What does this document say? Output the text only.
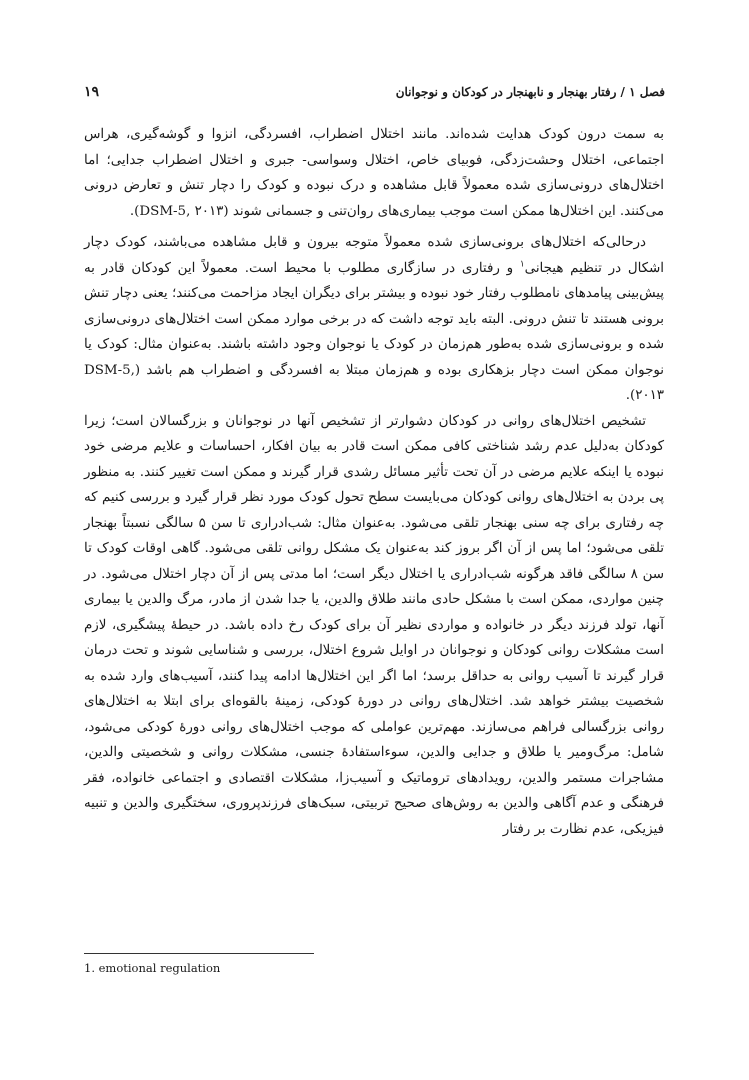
فصل ۱ / رفتار بهنجار و نابهنجار در کودکان و نوجوانان
۱۹

به سمت درون کودک هدایت شده‌اند. مانند اختلال اضطراب، افسردگی، انزوا و گوشه‌گیری، هراس اجتماعی، اختلال وحشت‌زدگی، فوبیای خاص، اختلال وسواسی- جبری و اختلال اضطراب جدایی؛ اما اختلال‌های درونی‌سازی شده معمولاً قابل مشاهده و درک نبوده و کودک را دچار تنش و تعارض درونی می‌کنند. این اختلال‌ها ممکن است موجب بیماری‌های روان‌تنی و جسمانی شوند (DSM-5, ۲۰۱۳).

درحالی‌که اختلال‌های برونی‌سازی شده معمولاً متوجه بیرون و قابل مشاهده می‌باشند، کودک دچار اشکال در تنظیم هیجانی$^۱$ و رفتاری در سازگاری مطلوب با محیط است. معمولاً این کودکان قادر به پیش‌بینی پیامدهای نامطلوب رفتار خود نبوده و بیشتر برای دیگران ایجاد مزاحمت می‌کنند؛ یعنی دچار تنش برونی هستند تا تنش درونی. البته باید توجه داشت که در برخی موارد ممکن است اختلال‌های درونی‌سازی شده و برونی‌سازی شده به‌طور هم‌زمان در کودک یا نوجوان وجود داشته باشند. به‌عنوان مثال: کودک یا نوجوان ممکن است دچار بزهکاری بوده و هم‌زمان مبتلا به افسردگی و اضطراب هم باشد (DSM-5, ۲۰۱۳).

تشخیص اختلال‌های روانی در کودکان دشوارتر از تشخیص آنها در نوجوانان و بزرگسالان است؛ زیرا کودکان به‌دلیل عدم رشد شناختی کافی ممکن است قادر به بیان افکار، احساسات و علایم مرضی خود نبوده یا اینکه علایم مرضی در آن تحت تأثیر مسائل رشدی قرار گیرند و ممکن است تغییر کنند. به منظور پی بردن به اختلال‌های روانی کودکان می‌بایست سطح تحول کودک مورد نظر قرار گیرد و بررسی کنیم که چه رفتاری برای چه سنی بهنجار تلقی می‌شود. به‌عنوان مثال: شب‌ادراری تا سن ۵ سالگی نسبتاً بهنجار تلقی می‌شود؛ اما پس از آن اگر بروز کند به‌عنوان یک مشکل روانی تلقی می‌شود. گاهی اوقات کودک تا سن ۸ سالگی فاقد هرگونه شب‌ادراری یا اختلال دیگر است؛ اما مدتی پس از آن دچار اختلال می‌شود. در چنین مواردی، ممکن است با مشکل حادی مانند طلاق والدین، یا جدا شدن از مادر، مرگ والدین یا بیماری آنها، تولد فرزند دیگر در خانواده و مواردی نظیر آن برای کودک رخ داده باشد. در حیطهٔ پیشگیری، لازم است مشکلات روانی کودکان و نوجوانان در اوایل شروع اختلال، بررسی و شناسایی شوند و تحت درمان قرار گیرند تا آسیب روانی به حداقل برسد؛ اما اگر این اختلال‌ها ادامه پیدا کنند، آسیب‌های وارد شده به شخصیت بیشتر خواهد شد. اختلال‌های روانی در دورهٔ کودکی، زمینهٔ بالقوه‌ای برای ابتلا به اختلال‌های روانی بزرگسالی فراهم می‌سازند. مهم‌ترین عواملی که موجب اختلال‌های روانی دورهٔ کودکی می‌شود، شامل: مرگ‌ومیر یا طلاق و جدایی والدین، سوءاستفادهٔ جنسی، مشکلات روانی و شخصیتی والدین، مشاجرات مستمر والدین، رویدادهای تروماتیک و آسیب‌زا، مشکلات اقتصادی و اجتماعی خانواده، فقر فرهنگی و عدم آگاهی والدین به روش‌های صحیح تربیتی، سبک‌های فرزندپروری، سختگیری والدین و تنبیه فیزیکی، عدم نظارت بر رفتار

1. emotional regulation
